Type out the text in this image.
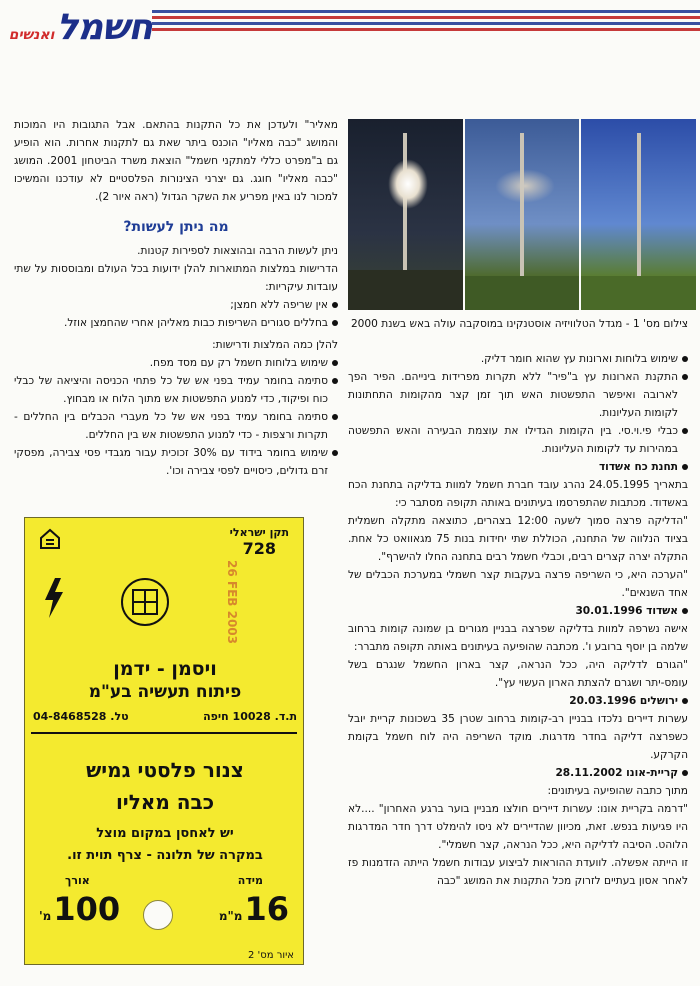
חשמל
ואנשים
מאליר" ולעדכן את כל התקנות בהתאם. אבל התגובות היו המוכות והמושג "כבה מאליו" הוכנס ביתר שאת גם לתקנות אחרות. הוא הופיע גם ב"מפרט כללי למתקני חשמל" הוצאת משרד הביטחון 2001. המושג "כבה מאליו" חוגג. גם יצרני הצינורות הפלסטיים לא עודכנו והמשיכו למכור לנו באין מפריע את השקר הגדול (ראה איור 2).
מה ניתן לעשות?
ניתן לעשות הרבה ובהוצאות לספירות קטנות.
הדרישות במלצות המתוארות להלן ידועות בכל העולם ומבוססות על שתי עובדות עיקריות:
אין שריפה ללא חמצן;
בחללים סגורים השריפות כבות מאליהן אחרי שהחמצן אוזל.
להלן כמה המלצות ודרישות:
שימוש בלוחות חשמל רק עם מסד מפח.
סתימה בחומר עמיד בפני אש של כל פתחי הכניסה והיציאה של כבלי כוח ופיקוד, כדי למנוע התפשטות אש מתוך הלוח או מבחוץ.
סתימה בחומר עמיד בפני אש של כל מעברי הכבלים בין החללים - תקרות ורצפות - כדי למנוע התפשטות אש בין החללים.
שימוש בחומר בידוד עם 30% זכוכית עבור מגבדי פסי צבירה, מפסקי זרם גדולים, כיסויים לפסי צבירה וכו'.
צילום מס' 1 - מגדל הטלוויזיה אוסטנקינו במוסקבה עולה באש בשנת 2000
שימוש בלוחות וארונות עץ שהוא חומר דליק.
התקנת הארונות עץ ב"פיר" ללא תקרות מפרידות בינייהם. הפיר הפך לארובה ואיפשר התפשטות האש תוך זמן קצר מהקומות התחתונות לקומות העליונות.
כבלי פי.וי.סי. בין הקומות הגדילו את עוצמת הבעירה והאש התפשטה במהירות עד לקומות העליונות.
תחנת כח אשדוד
בתאריך 24.05.1995 נהרג עובד חברת חשמל למוות בדליקה בתחנת הכח באשדוד. מכתבות שהתפרסמו בעיתונים באותה תקופה מסתבר כי:
"הדליקה פרצה סמוך לשעה 12:00 בצהרים, כתוצאה מתקלה חשמלית בציוד הנלווה של התחנה, הכוללת שתי יחידות בנות 75 מגאוואט כל אחת. התקלה יצרה קצרים רבים, וכבלי חשמל רבים בתחנה החלו להישרף".
"הערכה היא, כי השריפה פרצה בעקבות קצר חשמלי במערכת הכבלים של אחד השנאים".
אשדוד 30.01.1996
אישה נשרפה למוות בדליקה שפרצה בבניין מגורים בן שמונה קומות ברחוב שלמה בן יוסף ברובע ו'. מכתבה שהופיעה בעיתונים באותה תקופה מתברר:
"הגורם לדליקה היה, ככל הנראה, קצר בארון החשמל שנגרם בשל עומס-יתר ושגרם להצתת הארון העשוי עץ".
ירושלים 20.03.1996
עשרות דיירים נלכדו בבניין רב-קומות ברחוב שטרן 35 בשכונות קריית יובל כשפרצה דליקה בחדר מדרגות. מוקד השריפה היה לוח חשמל בקומת הקרקע.
קריית-אונו 28.11.2002
מתוך כתבה שהופיעה בעיתונים:
"דרמה בקריית אונו: עשרות דיירים חולצו מבניין בוער ברגע האחרון" ....לא היו פגיעות בנפש. זאת, מכיוון שהדיירים לא ניסו להימלט דרך חדר המדרגות הלוהט. הסיבה לדליקה היא, ככל הנראה, קצר חשמלי".
זו הייתה אפשלה. לוועדת ההוראות לביצוע עבודות חשמל הייתה הזדמנות פז לאחר אסון בעתיים לזרוק מכל התקנות את המושג "כבה
תקן ישראלי
728
26 FEB 2003
ויסמן - ידמן
פיתוח תעשיה בע"מ
ת.ד. 10028 חיפה
טל. 04-8468528
צנור פלסטי גמיש
כבה מאליו
יש לאחסן במקום מוצל
במקרה של תלונה - צרף תוית זו.
מידה
אורך
16
מ"מ
100
מ'
איור מס' 2
